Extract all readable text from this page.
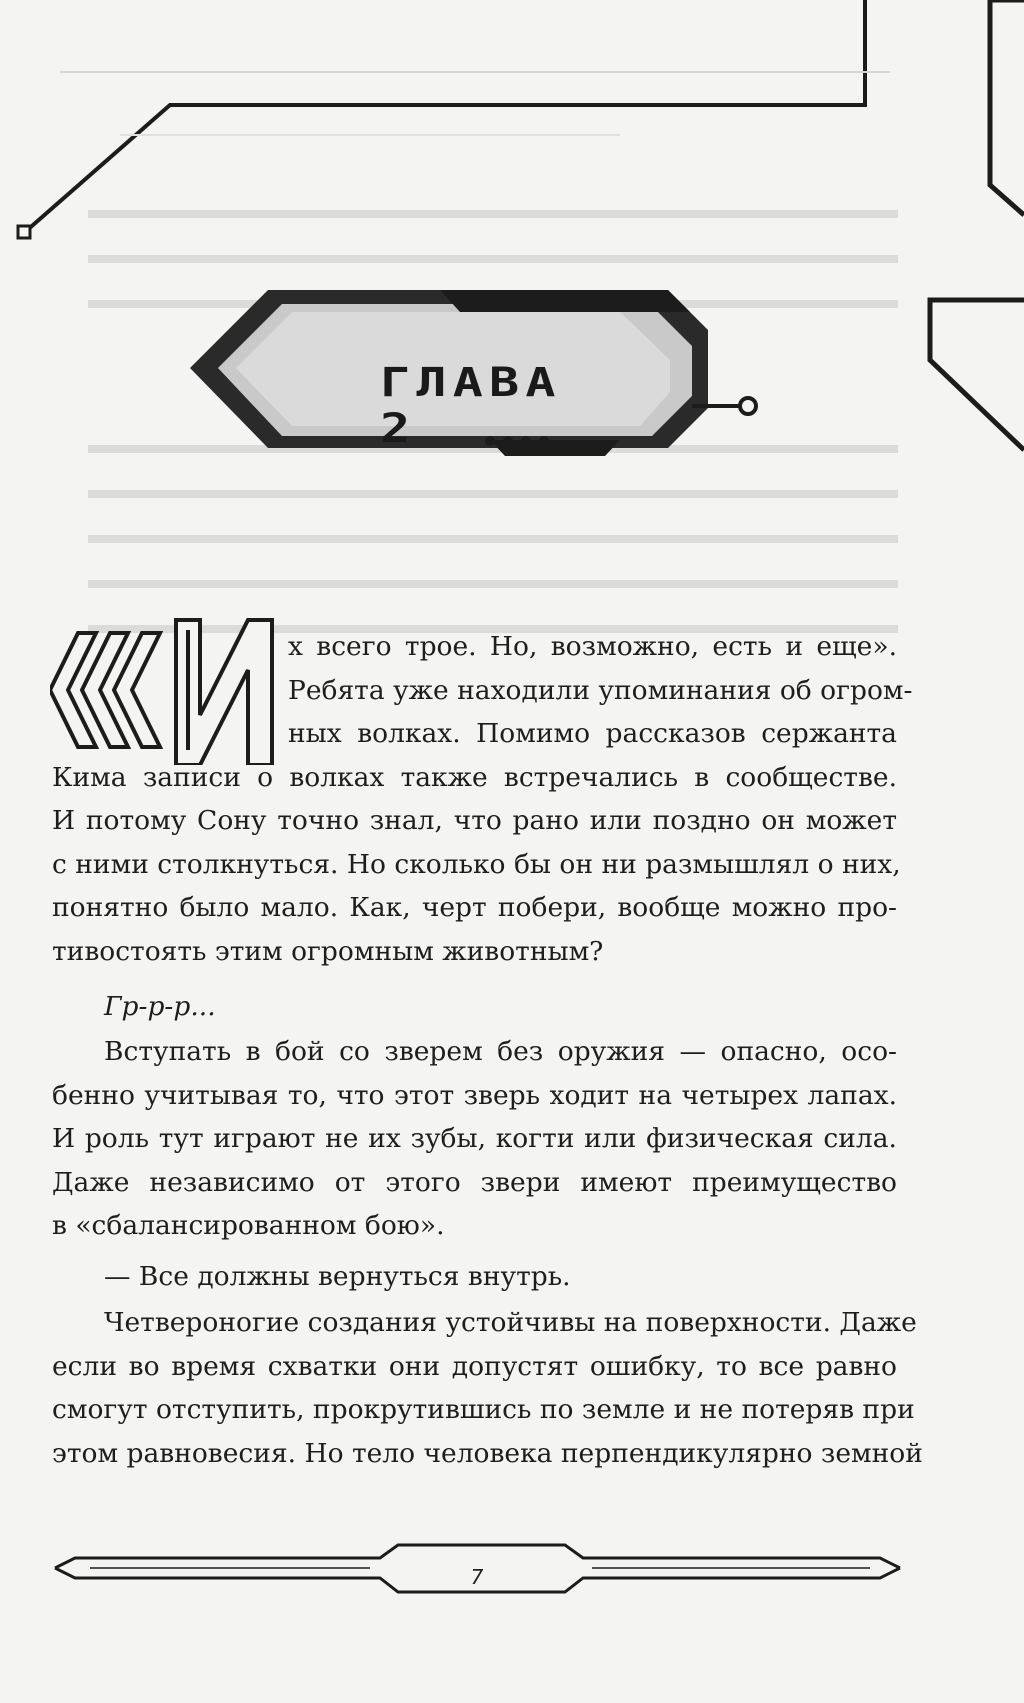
ГЛАВА 2
И
х всего трое. Но, возможно, есть и еще».
Ребята уже находили упоминания об огром-
ных волках. Помимо рассказов сержанта
Кима записи о волках также встречались в сообществе.
И потому Сону точно знал, что рано или поздно он может
с ними столкнуться. Но сколько бы он ни размышлял о них,
понятно было мало. Как, черт побери, вообще можно про-
тивостоять этим огромным животным?
Гр-р-р...
Вступать в бой со зверем без оружия — опасно, осо-
бенно учитывая то, что этот зверь ходит на четырех лапах.
И роль тут играют не их зубы, когти или физическая сила.
Даже независимо от этого звери имеют преимущество
в «сбалансированном бою».
— Все должны вернуться внутрь.
Четвероногие создания устойчивы на поверхности. Даже
если во время схватки они допустят ошибку, то все равно
смогут отступить, прокрутившись по земле и не потеряв при
этом равновесия. Но тело человека перпендикулярно земной
7
